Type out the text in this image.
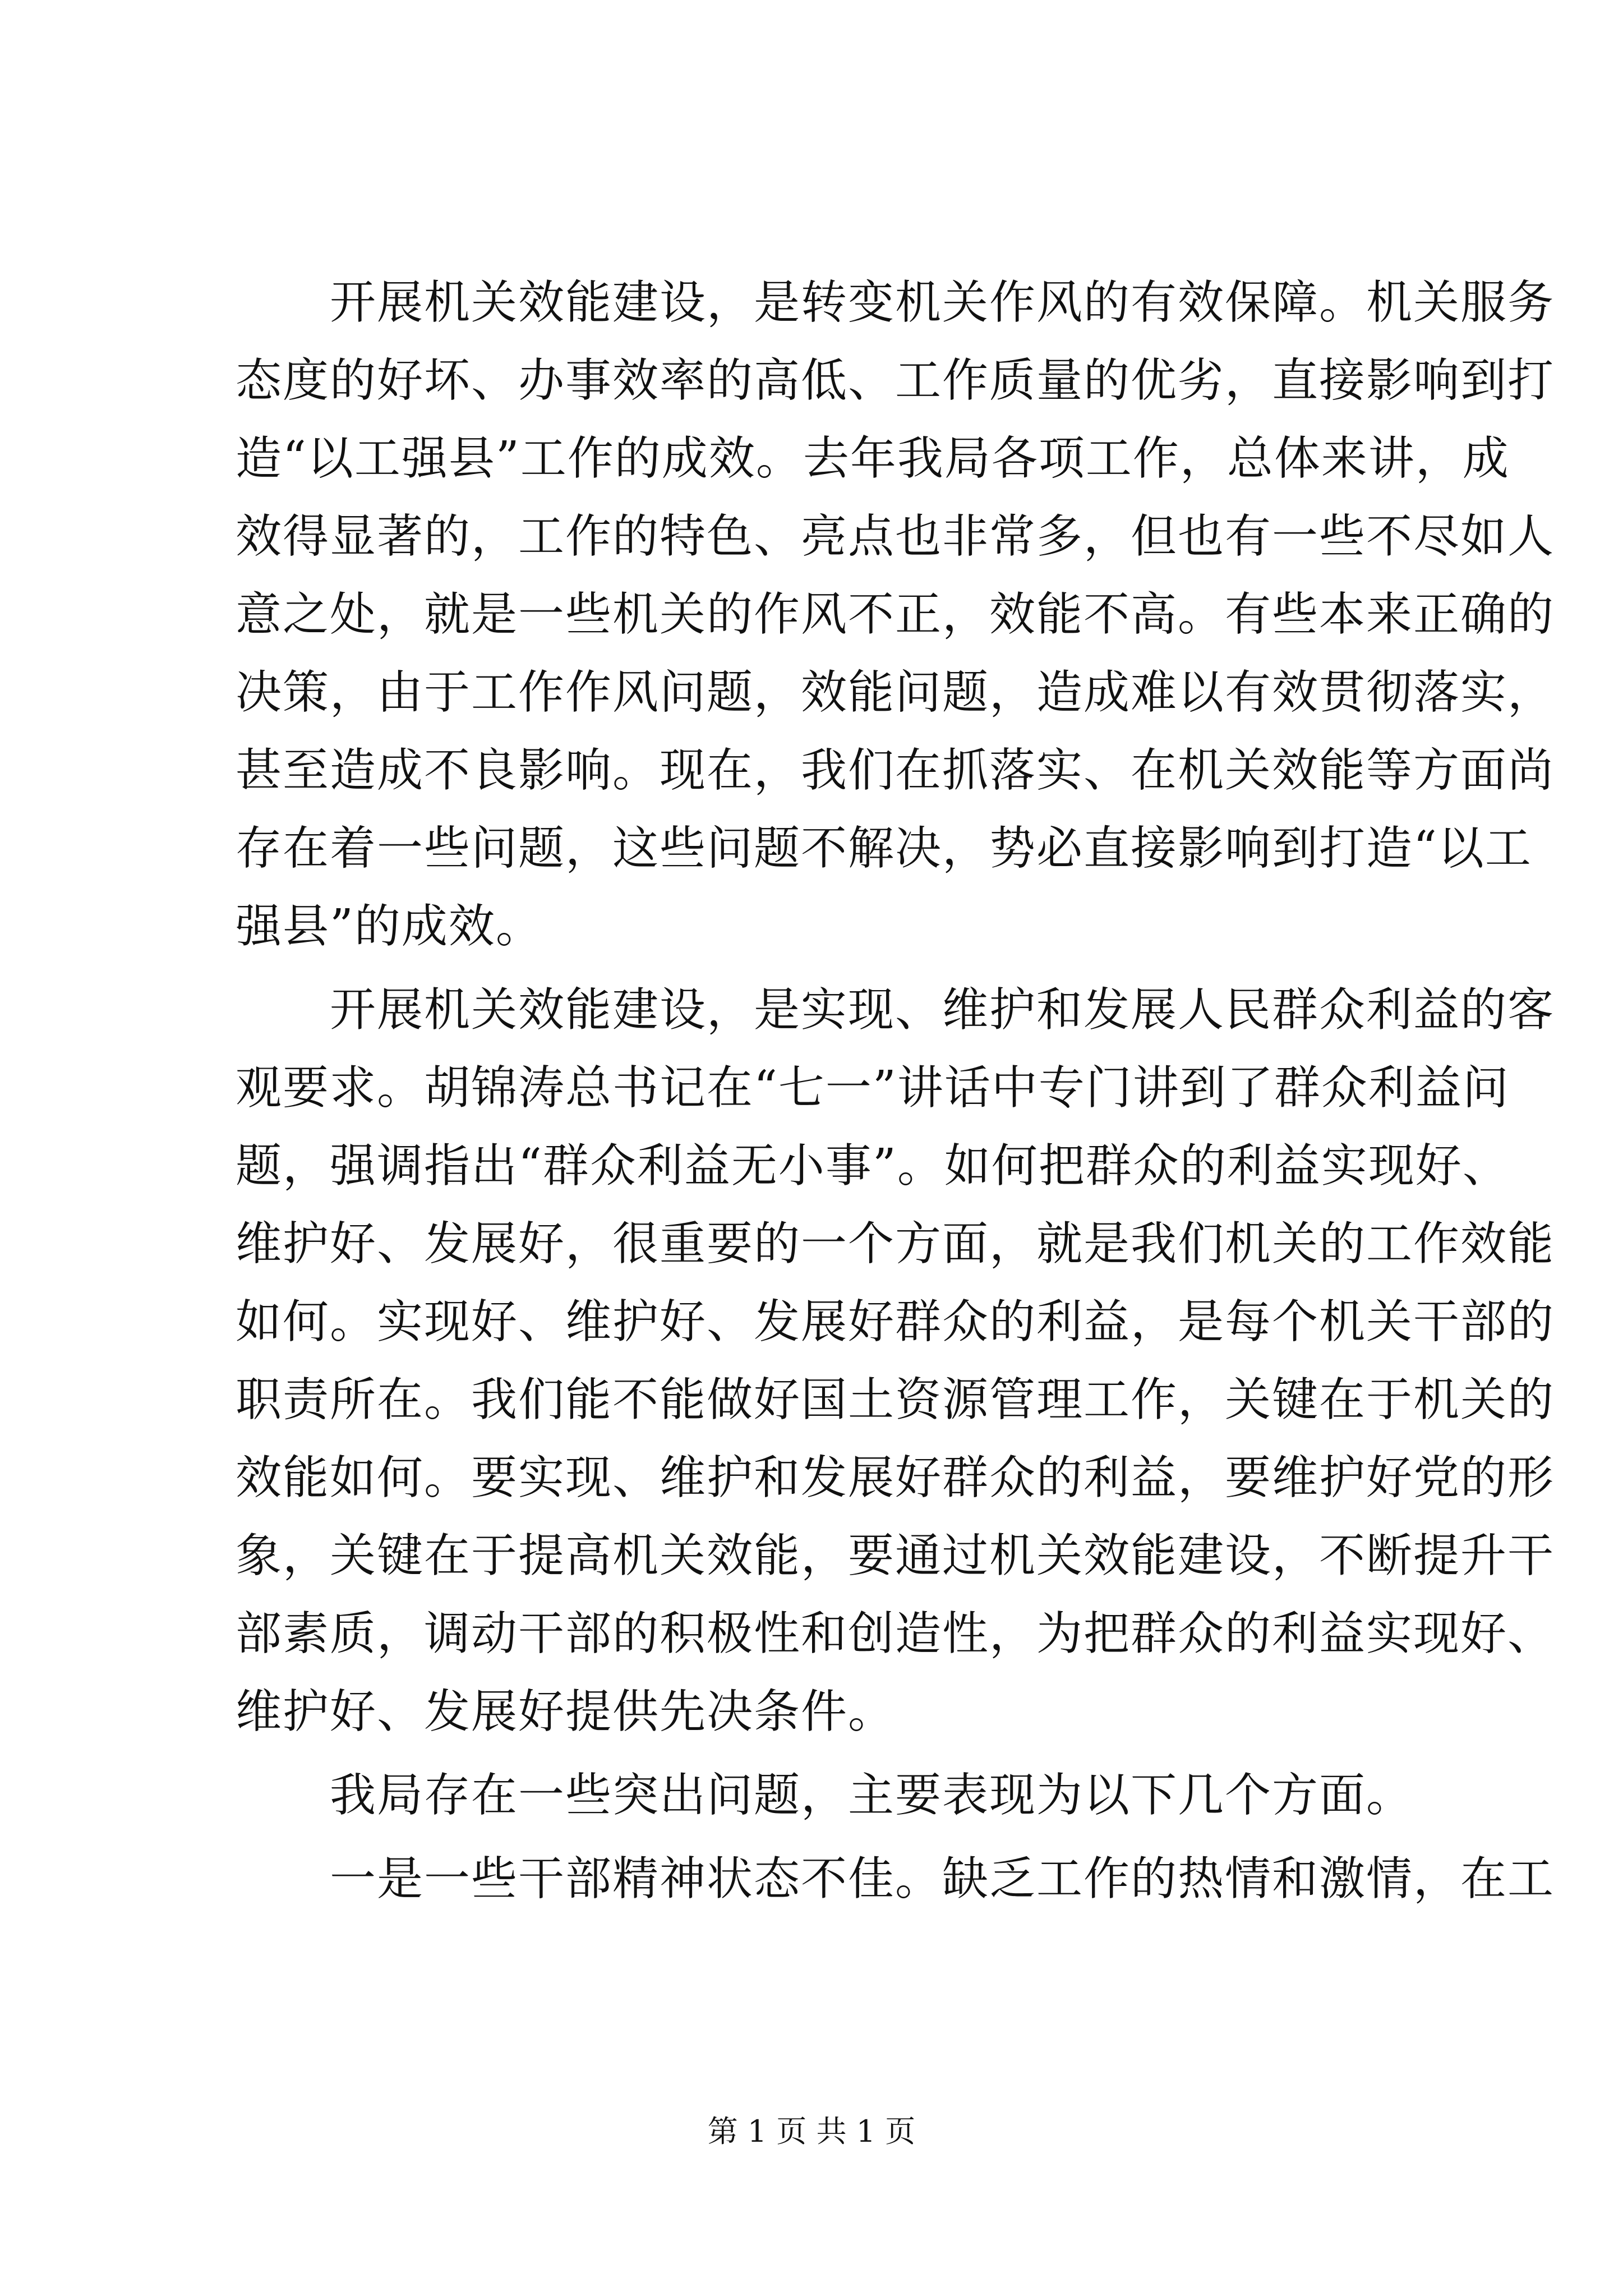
开展机关效能建设，是转变机关作风的有效保障。机关服务
态度的好坏、办事效率的高低、工作质量的优劣，直接影响到打
造“以工强县”工作的成效。去年我局各项工作，总体来讲，成
效得显著的，工作的特色、亮点也非常多，但也有一些不尽如人
意之处，就是一些机关的作风不正，效能不高。有些本来正确的
决策，由于工作作风问题，效能问题，造成难以有效贯彻落实，
甚至造成不良影响。现在，我们在抓落实、在机关效能等方面尚
存在着一些问题，这些问题不解决，势必直接影响到打造“以工
强县”的成效。
开展机关效能建设，是实现、维护和发展人民群众利益的客
观要求。胡锦涛总书记在“七一”讲话中专门讲到了群众利益问
题，强调指出“群众利益无小事”。如何把群众的利益实现好、
维护好、发展好，很重要的一个方面，就是我们机关的工作效能
如何。实现好、维护好、发展好群众的利益，是每个机关干部的
职责所在。我们能不能做好国土资源管理工作，关键在于机关的
效能如何。要实现、维护和发展好群众的利益，要维护好党的形
象，关键在于提高机关效能，要通过机关效能建设，不断提升干
部素质，调动干部的积极性和创造性，为把群众的利益实现好、
维护好、发展好提供先决条件。
我局存在一些突出问题，主要表现为以下几个方面。
一是一些干部精神状态不佳。缺乏工作的热情和激情，在工
第 1 页 共 1 页
